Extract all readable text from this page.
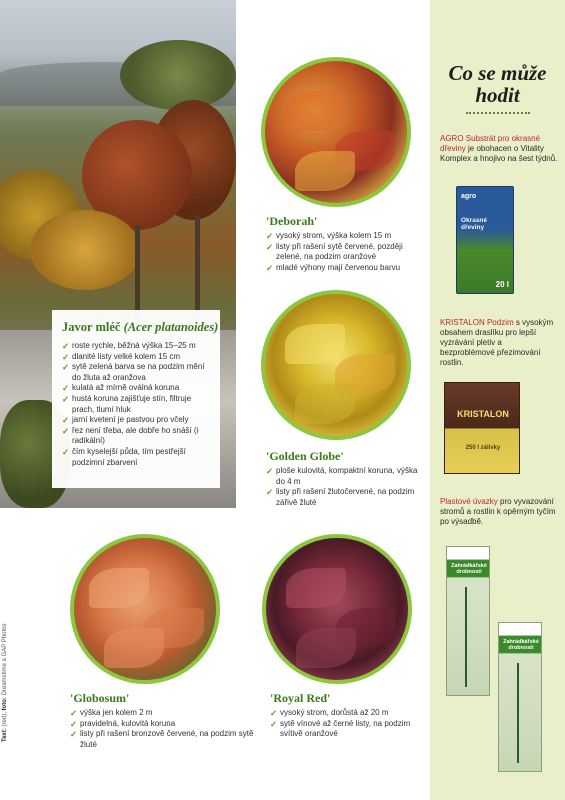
Javor mléč (Acer platanoides)
✓ roste rychle, běžná výška 15–25 m
✓ dlanité listy velké kolem 15 cm
✓ sytě zelená barva se na podzim mění do žluta až oranžova
✓ kulatá až mírně oválná koruna
✓ hustá koruna zajišťuje stín, filtruje prach, tlumí hluk
✓ jarní kvetení je pastvou pro včely
✓ řez není třeba, ale dobře ho snáší (i radikální)
✓ čím kyselejší půda, tím pestřejší podzimní zbarvení
'Deborah'
✓ vysoký strom, výška kolem 15 m
✓ listy při rašení sytě červené, později zelené, na podzim oranžové
✓ mladé výhony mají červenou barvu
'Golden Globe'
✓ ploše kulovitá, kompaktní koruna, výška do 4 m
✓ listy při rašení žlutočervené, na podzim zářivě žluté
'Globosum'
✓ výška jen kolem 2 m
✓ pravidelná, kulovitá koruna
✓ listy při rašení bronzově červené, na podzim sytě žluté
'Royal Red'
✓ vysoký strom, dorůstá až 20 m
✓ sytě vínové až černé listy, na podzim svítivě oranžové
Text: (red), foto: Dreamstime a GAP Photos
Co se může
hodit
AGRO Substrát pro okrasné dřeviny je obohacen o Vitality Komplex a hnojivo na šest týdnů.
KRISTALON Podzim s vysokým obsahem draslíku pro lepší vyzrávání pletiv a bezproblémové přezimování rostlin.
Plastové úvazky pro vyvazování stromů a rostlin k opěrným tyčím po výsadbě.
agro
Okrasné dřeviny
20 l
KRISTALON
250 l zálivky
Zahrádkářské drobnosti
Zahrádkářské drobnosti
